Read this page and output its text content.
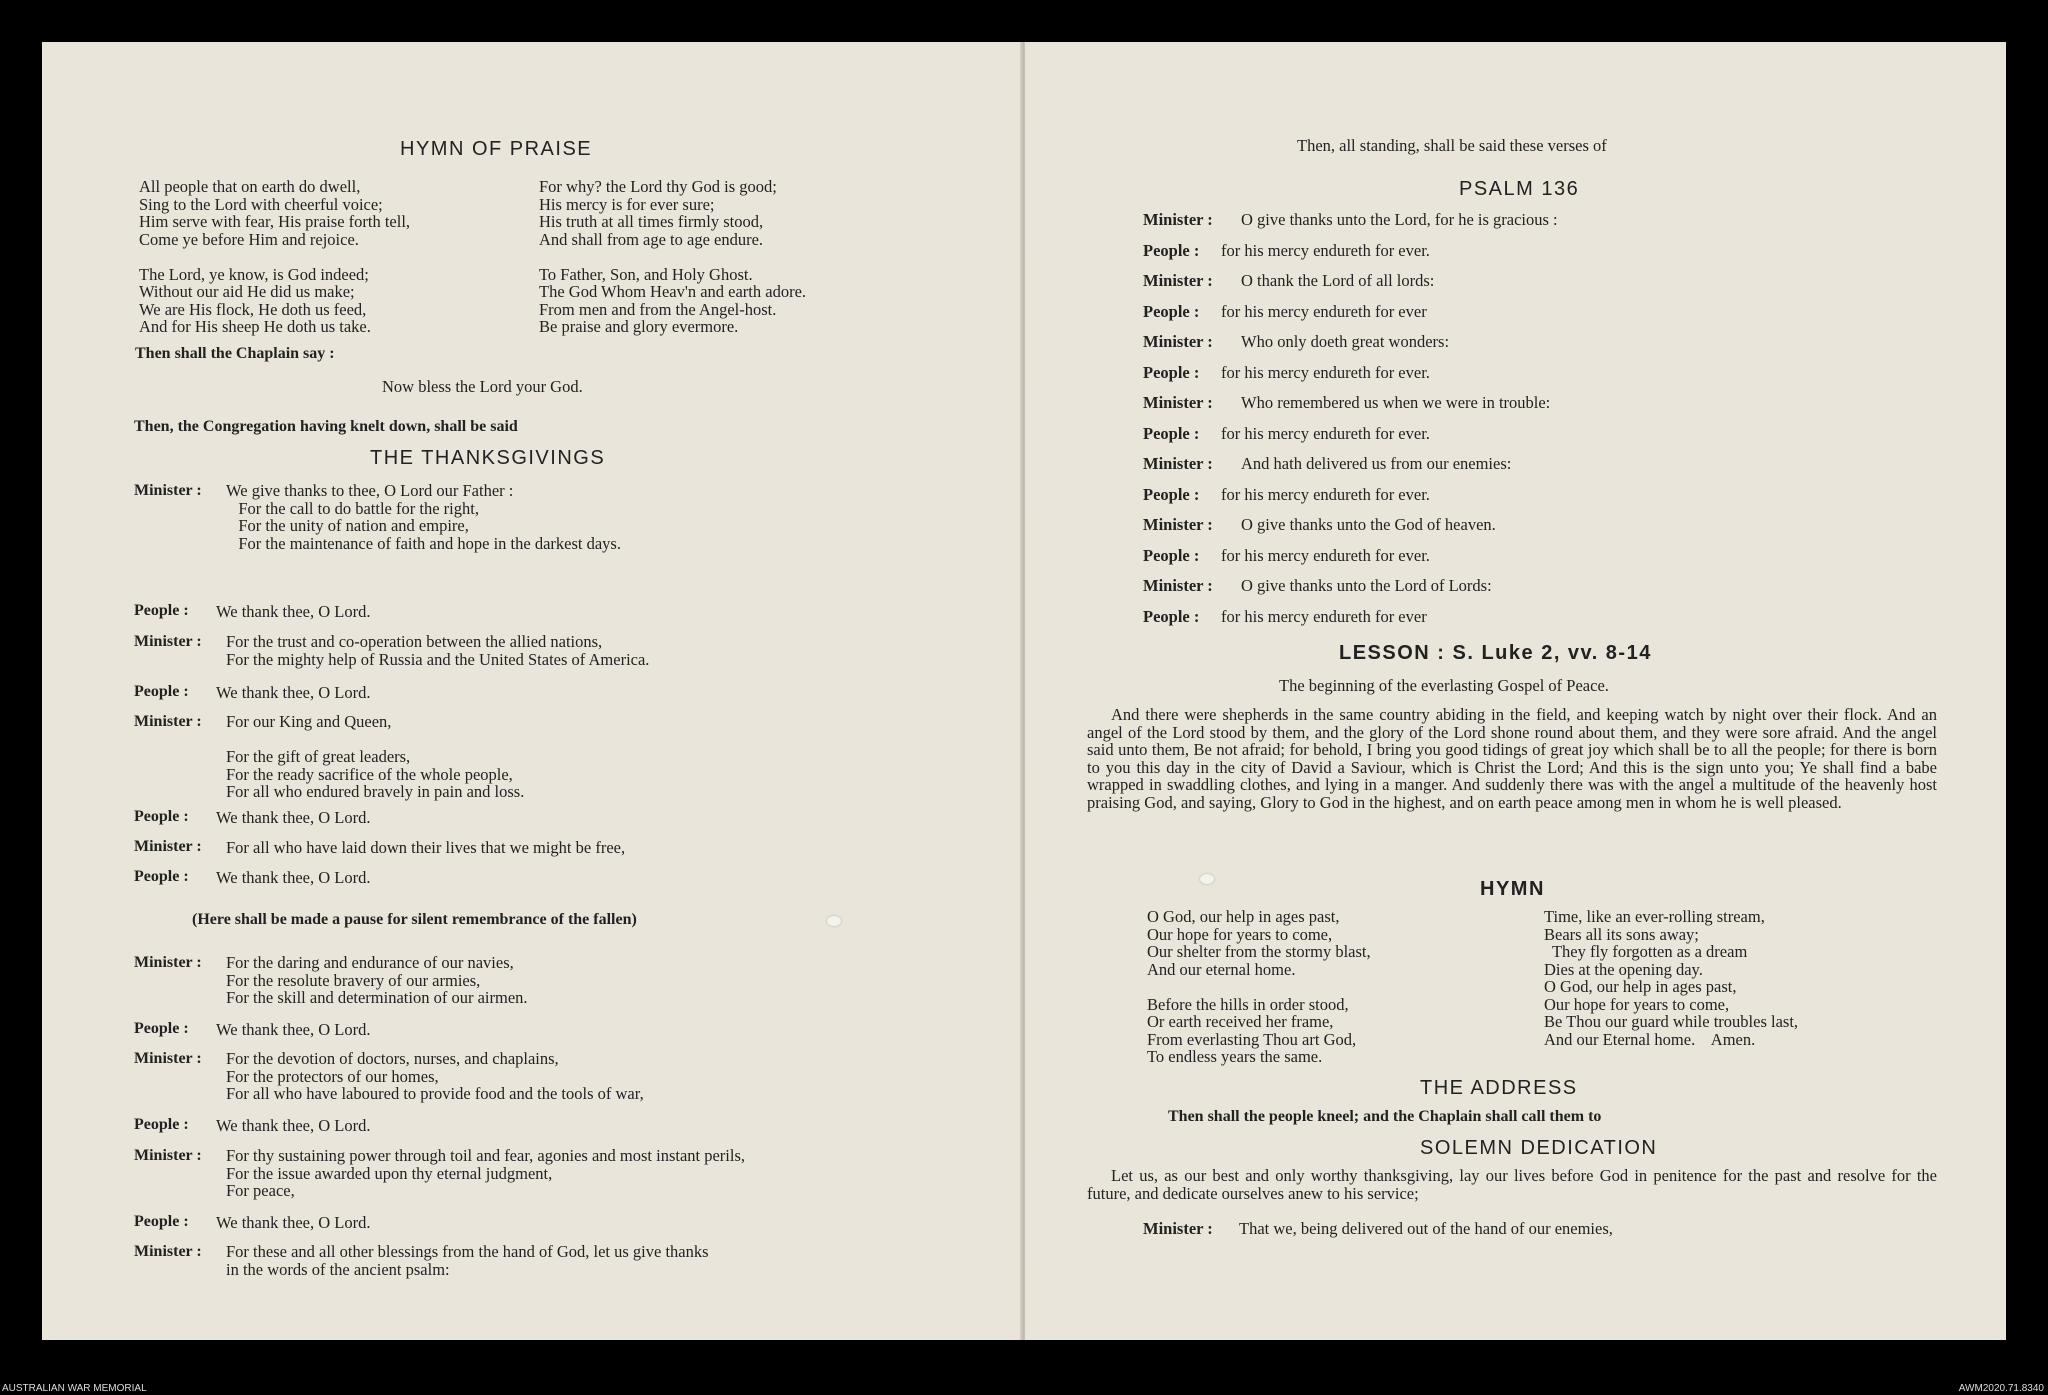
HYMN OF PRAISE
All people that on earth do dwell,
Sing to the Lord with cheerful voice;
Him serve with fear, His praise forth tell,
Come ye before Him and rejoice.

The Lord, ye know, is God indeed;
Without our aid He did us make;
We are His flock, He doth us feed,
And for His sheep He doth us take.
For why? the Lord thy God is good;
His mercy is for ever sure;
His truth at all times firmly stood,
And shall from age to age endure.

To Father, Son, and Holy Ghost.
The God Whom Heav'n and earth adore.
From men and from the Angel-host.
Be praise and glory evermore.
Then shall the Chaplain say :
Now bless the Lord your God.
Then, the Congregation having knelt down, shall be said
THE THANKSGIVINGS
Minister : We give thanks to thee, O Lord our Father :
For the call to do battle for the right,
For the unity of nation and empire,
For the maintenance of faith and hope in the darkest days.
People : We thank thee, O Lord.
Minister : For the trust and co-operation between the allied nations,
For the mighty help of Russia and the United States of America.
People : We thank thee, O Lord.
Minister : For our King and Queen,

For the gift of great leaders,
For the ready sacrifice of the whole people,
For all who endured bravely in pain and loss.
People : We thank thee, O Lord.
Minister : For all who have laid down their lives that we might be free,
People : We thank thee, O Lord.
(Here shall be made a pause for silent remembrance of the fallen)
Minister : For the daring and endurance of our navies,
For the resolute bravery of our armies,
For the skill and determination of our airmen.
People : We thank thee, O Lord.
Minister : For the devotion of doctors, nurses, and chaplains,
For the protectors of our homes,
For all who have laboured to provide food and the tools of war,
People : We thank thee, O Lord.
Minister : For thy sustaining power through toil and fear, agonies and most instant perils,
For the issue awarded upon thy eternal judgment,
For peace,
People : We thank thee, O Lord.
Minister : For these and all other blessings from the hand of God, let us give thanks
in the words of the ancient psalm:
Then, all standing, shall be said these verses of
PSALM 136
Minister : O give thanks unto the Lord, for he is gracious :
People : for his mercy endureth for ever.
Minister : O thank the Lord of all lords:
People : for his mercy endureth for ever
Minister : Who only doeth great wonders:
People : for his mercy endureth for ever.
Minister : Who remembered us when we were in trouble:
People : for his mercy endureth for ever.
Minister : And hath delivered us from our enemies:
People : for his mercy endureth for ever.
Minister : O give thanks unto the God of heaven.
People : for his mercy endureth for ever.
Minister : O give thanks unto the Lord of Lords:
People : for his mercy endureth for ever
LESSON : S. Luke 2, vv. 8-14
The beginning of the everlasting Gospel of Peace.
And there were shepherds in the same country abiding in the field, and keeping watch by night over their flock. And an angel of the Lord stood by them, and the glory of the Lord shone round about them, and they were sore afraid. And the angel said unto them, Be not afraid; for behold, I bring you good tidings of great joy which shall be to all the people; for there is born to you this day in the city of David a Saviour, which is Christ the Lord; And this is the sign unto you; Ye shall find a babe wrapped in swaddling clothes, and lying in a manger. And suddenly there was with the angel a multitude of the heavenly host praising God, and saying, Glory to God in the highest, and on earth peace among men in whom he is well pleased.
HYMN
O God, our help in ages past,
Our hope for years to come,
Our shelter from the stormy blast,
And our eternal home.

Before the hills in order stood,
Or earth received her frame,
From everlasting Thou art God,
To endless years the same.
Time, like an ever-rolling stream,
Bears all its sons away;
They fly forgotten as a dream
Dies at the opening day.
O God, our help in ages past,
Our hope for years to come,
Be Thou our guard while troubles last,
And our Eternal home.    Amen.
THE ADDRESS
Then shall the people kneel; and the Chaplain shall call them to
SOLEMN DEDICATION
Let us, as our best and only worthy thanksgiving, lay our lives before God in penitence for the past and resolve for the future, and dedicate ourselves anew to his service;
Minister : That we, being delivered out of the hand of our enemies,
AUSTRALIAN WAR MEMORIAL	AWM2020.71.8340
